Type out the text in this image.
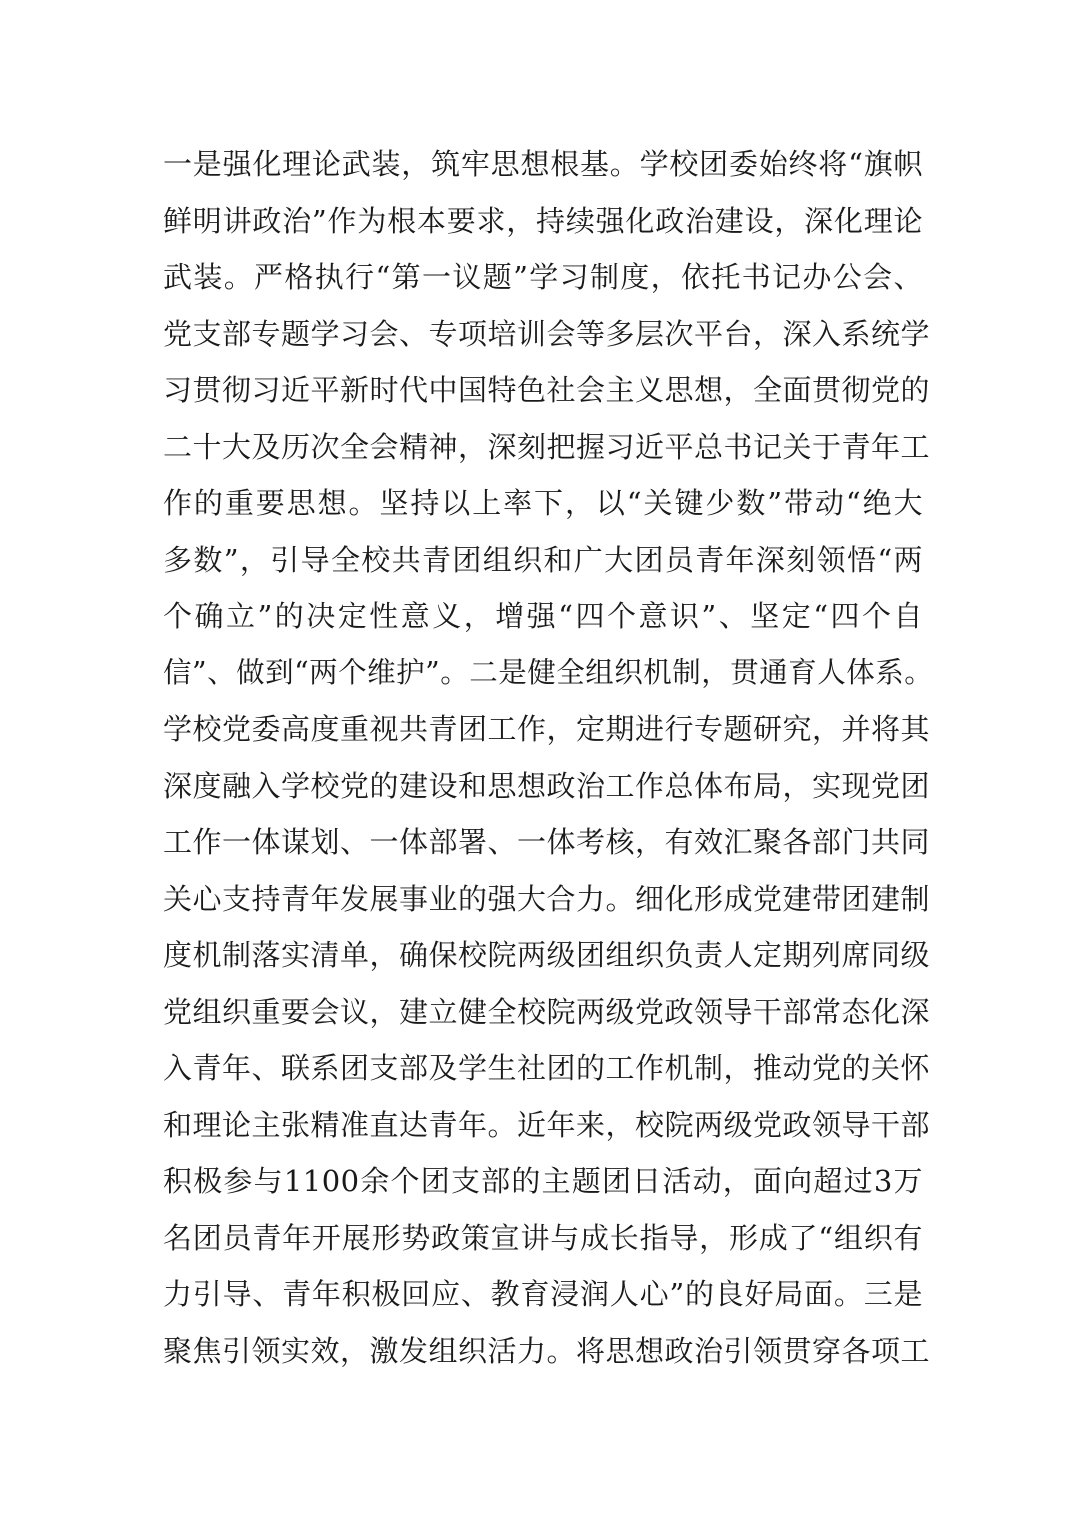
一是强化理论武装，筑牢思想根基。学校团委始终将“旗帜
鲜明讲政治”作为根本要求，持续强化政治建设，深化理论
武装。严格执行“第一议题”学习制度，依托书记办公会、
党支部专题学习会、专项培训会等多层次平台，深入系统学
习贯彻习近平新时代中国特色社会主义思想，全面贯彻党的
二十大及历次全会精神，深刻把握习近平总书记关于青年工
作的重要思想。坚持以上率下，以“关键少数”带动“绝大
多数”，引导全校共青团组织和广大团员青年深刻领悟“两
个确立”的决定性意义，增强“四个意识”、坚定“四个自
信”、做到“两个维护”。二是健全组织机制，贯通育人体系。
学校党委高度重视共青团工作，定期进行专题研究，并将其
深度融入学校党的建设和思想政治工作总体布局，实现党团
工作一体谋划、一体部署、一体考核，有效汇聚各部门共同
关心支持青年发展事业的强大合力。细化形成党建带团建制
度机制落实清单，确保校院两级团组织负责人定期列席同级
党组织重要会议，建立健全校院两级党政领导干部常态化深
入青年、联系团支部及学生社团的工作机制，推动党的关怀
和理论主张精准直达青年。近年来，校院两级党政领导干部
积极参与1100余个团支部的主题团日活动，面向超过3万
名团员青年开展形势政策宣讲与成长指导，形成了“组织有
力引导、青年积极回应、教育浸润人心”的良好局面。三是
聚焦引领实效，激发组织活力。将思想政治引领贯穿各项工
